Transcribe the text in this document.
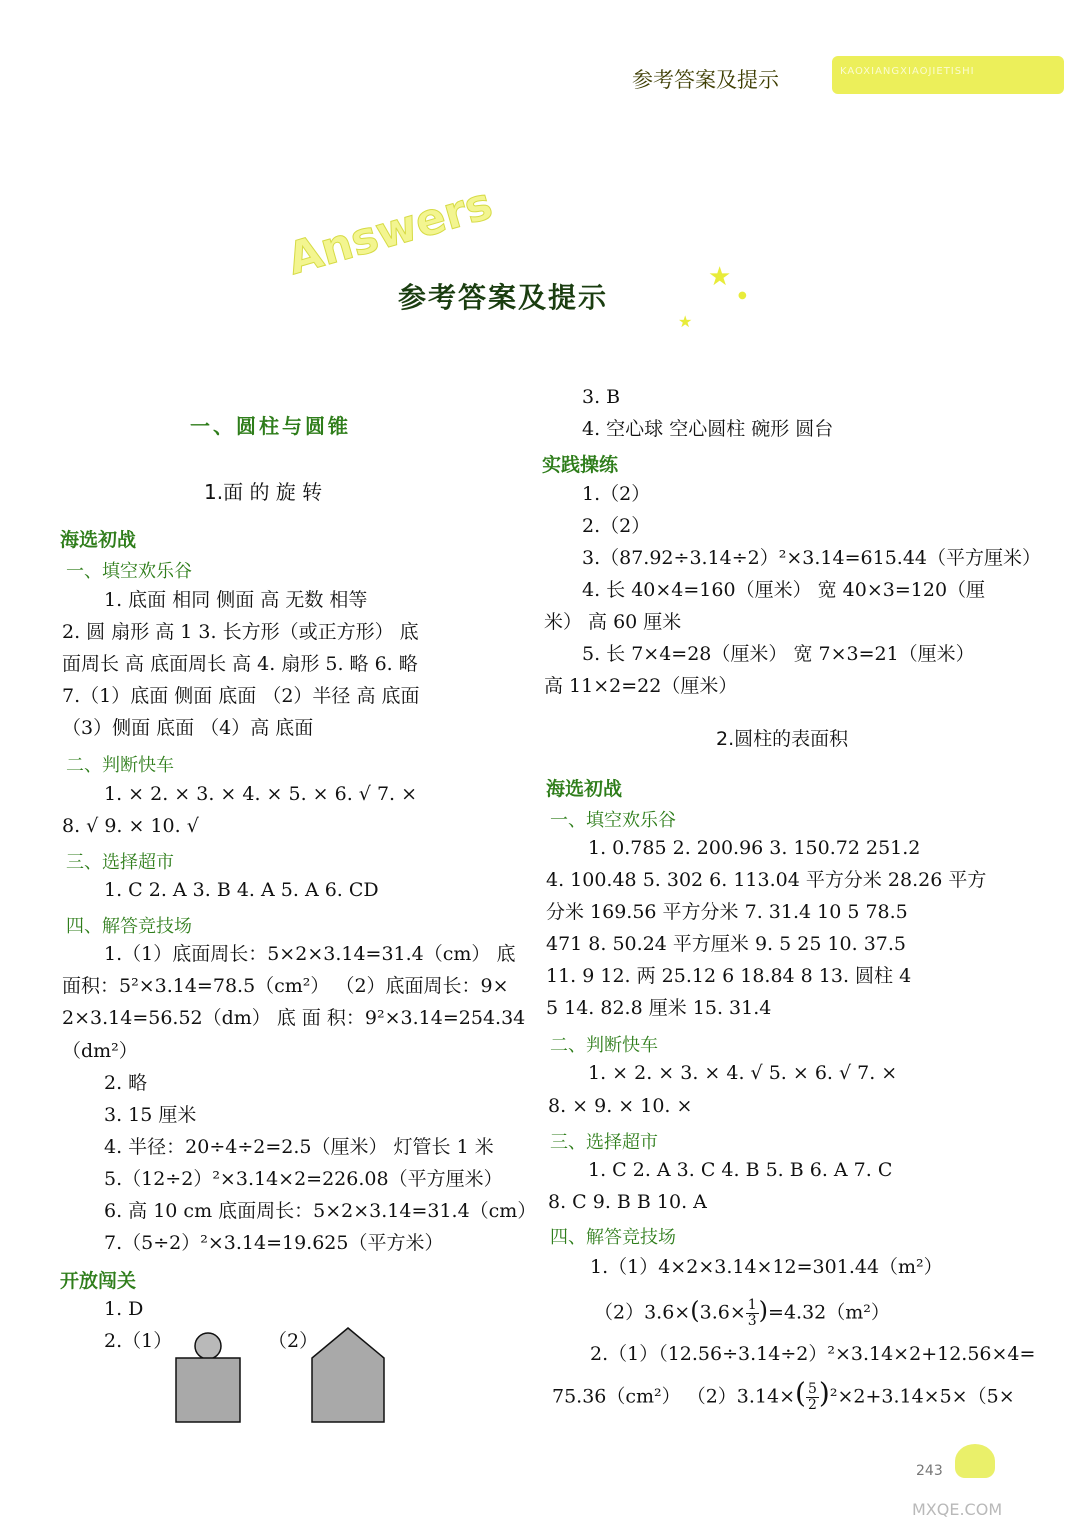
参考答案及提示	KAOXIANGXIAOJIETISHI
Answers
参考答案及提示
★
★
●
一、圆柱与圆锥
1.面 的 旋 转
海选初战
一、填空欢乐谷
1. 底面 相同 侧面 高 无数 相等
2. 圆 扇形 高 1 3. 长方形（或正方形） 底
面周长 高 底面周长 高 4. 扇形 5. 略 6. 略
7.（1）底面 侧面 底面 （2）半径 高 底面
（3）侧面 底面 （4）高 底面
二、判断快车
1. × 2. × 3. × 4. × 5. × 6. √ 7. ×
8. √ 9. × 10. √
三、选择超市
1. C 2. A 3. B 4. A 5. A 6. CD
四、解答竞技场
1.（1）底面周长：5×2×3.14=31.4（cm） 底
面积：5²×3.14=78.5（cm²） （2）底面周长：9×
2×3.14=56.52（dm） 底 面 积：9²×3.14=254.34
（dm²）
2. 略
3. 15 厘米
4. 半径：20÷4÷2=2.5（厘米） 灯管长 1 米
5.（12÷2）²×3.14×2=226.08（平方厘米）
6. 高 10 cm 底面周长：5×2×3.14=31.4（cm）
7.（5÷2）²×3.14=19.625（平方米）
开放闯关
1. D
2.（1）	（2）
3. B
4. 空心球 空心圆柱 碗形 圆台
实践操练
1.（2）
2.（2）
3.（87.92÷3.14÷2）²×3.14=615.44（平方厘米）
4. 长 40×4=160（厘米） 宽 40×3=120（厘
米） 高 60 厘米
5. 长 7×4=28（厘米） 宽 7×3=21（厘米）
高 11×2=22（厘米）
2.圆柱的表面积
海选初战
一、填空欢乐谷
1. 0.785 2. 200.96 3. 150.72 251.2
4. 100.48 5. 302 6. 113.04 平方分米 28.26 平方
分米 169.56 平方分米 7. 31.4 10 5 78.5
471 8. 50.24 平方厘米 9. 5 25 10. 37.5
11. 9 12. 两 25.12 6 18.84 8 13. 圆柱 4
5 14. 82.8 厘米 15. 31.4
二、判断快车
1. × 2. × 3. × 4. √ 5. × 6. √ 7. ×
8. × 9. × 10. ×
三、选择超市
1. C 2. A 3. C 4. B 5. B 6. A 7. C
8. C 9. B B 10. A
四、解答竞技场
1.（1）4×2×3.14×12=301.44（m²）
$(2)3.6\times(3.6\times \frac{1}{3} )=4.32(m^2)$
2.（1）（12.56÷3.14÷2）²×3.14×2+12.56×4=
75.36（cm²） $(2)3.14\times( \frac{5}{2} )^2\times 2+3.14\times 5\times(5\times$
243
MXQE.COM
